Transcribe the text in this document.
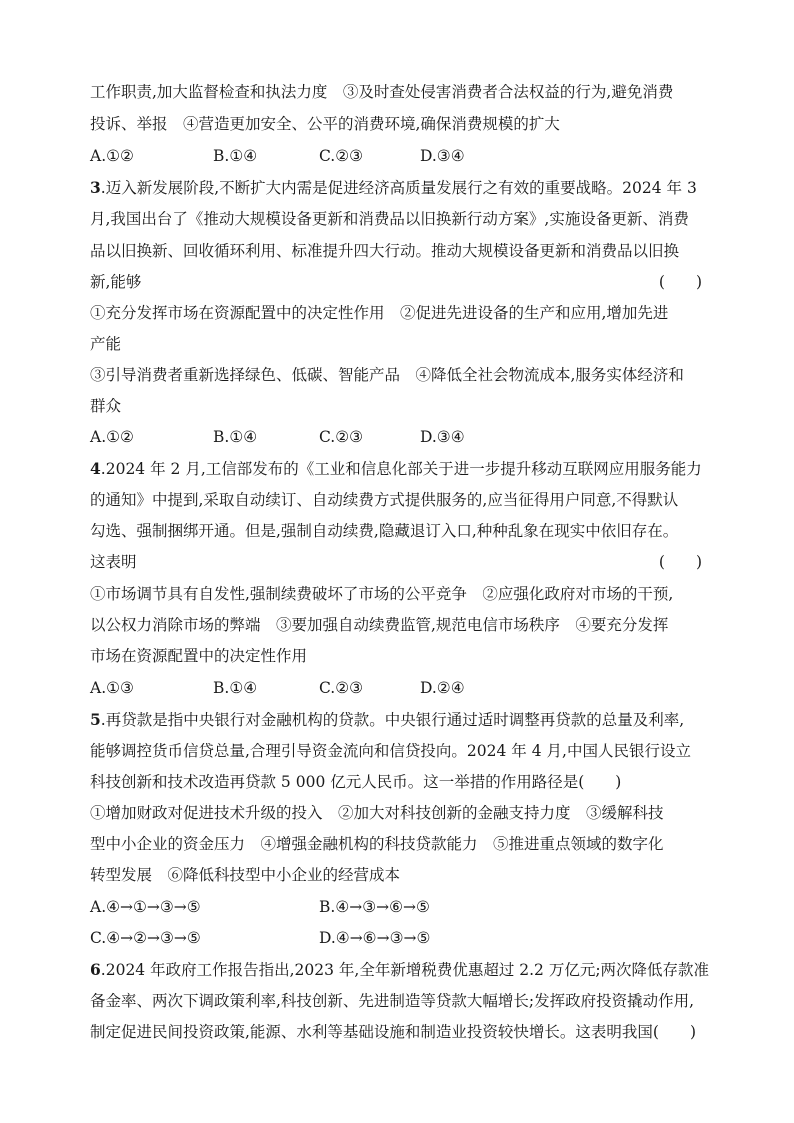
工作职责,加大监督检查和执法力度　③及时查处侵害消费者合法权益的行为,避免消费
投诉、举报　④营造更加安全、公平的消费环境,确保消费规模的扩大
A.①②	B.①④	C.②③	D.③④
3.迈入新发展阶段,不断扩大内需是促进经济高质量发展行之有效的重要战略。2024 年 3
月,我国出台了《推动大规模设备更新和消费品以旧换新行动方案》,实施设备更新、消费
品以旧换新、回收循环利用、标准提升四大行动。推动大规模设备更新和消费品以旧换
新,能够	(　　)
①充分发挥市场在资源配置中的决定性作用　②促进先进设备的生产和应用,增加先进
产能
③引导消费者重新选择绿色、低碳、智能产品　④降低全社会物流成本,服务实体经济和
群众
A.①②	B.①④	C.②③	D.③④
4.2024 年 2 月,工信部发布的《工业和信息化部关于进一步提升移动互联网应用服务能力
的通知》中提到,采取自动续订、自动续费方式提供服务的,应当征得用户同意,不得默认
勾选、强制捆绑开通。但是,强制自动续费,隐藏退订入口,种种乱象在现实中依旧存在。
这表明	(　　)
①市场调节具有自发性,强制续费破坏了市场的公平竞争　②应强化政府对市场的干预,
以公权力消除市场的弊端　③要加强自动续费监管,规范电信市场秩序　④要充分发挥
市场在资源配置中的决定性作用
A.①③	B.①④	C.②③	D.②④
5.再贷款是指中央银行对金融机构的贷款。中央银行通过适时调整再贷款的总量及利率,
能够调控货币信贷总量,合理引导资金流向和信贷投向。2024 年 4 月,中国人民银行设立
科技创新和技术改造再贷款 5 000 亿元人民币。这一举措的作用路径是(　　)
①增加财政对促进技术升级的投入　②加大对科技创新的金融支持力度　③缓解科技
型中小企业的资金压力　④增强金融机构的科技贷款能力　⑤推进重点领域的数字化
转型发展　⑥降低科技型中小企业的经营成本
A.④→①→③→⑤	B.④→③→⑥→⑤
C.④→②→③→⑤	D.④→⑥→③→⑤
6.2024 年政府工作报告指出,2023 年,全年新增税费优惠超过 2.2 万亿元;两次降低存款准
备金率、两次下调政策利率,科技创新、先进制造等贷款大幅增长;发挥政府投资撬动作用,
制定促进民间投资政策,能源、水利等基础设施和制造业投资较快增长。这表明我国(　　)
